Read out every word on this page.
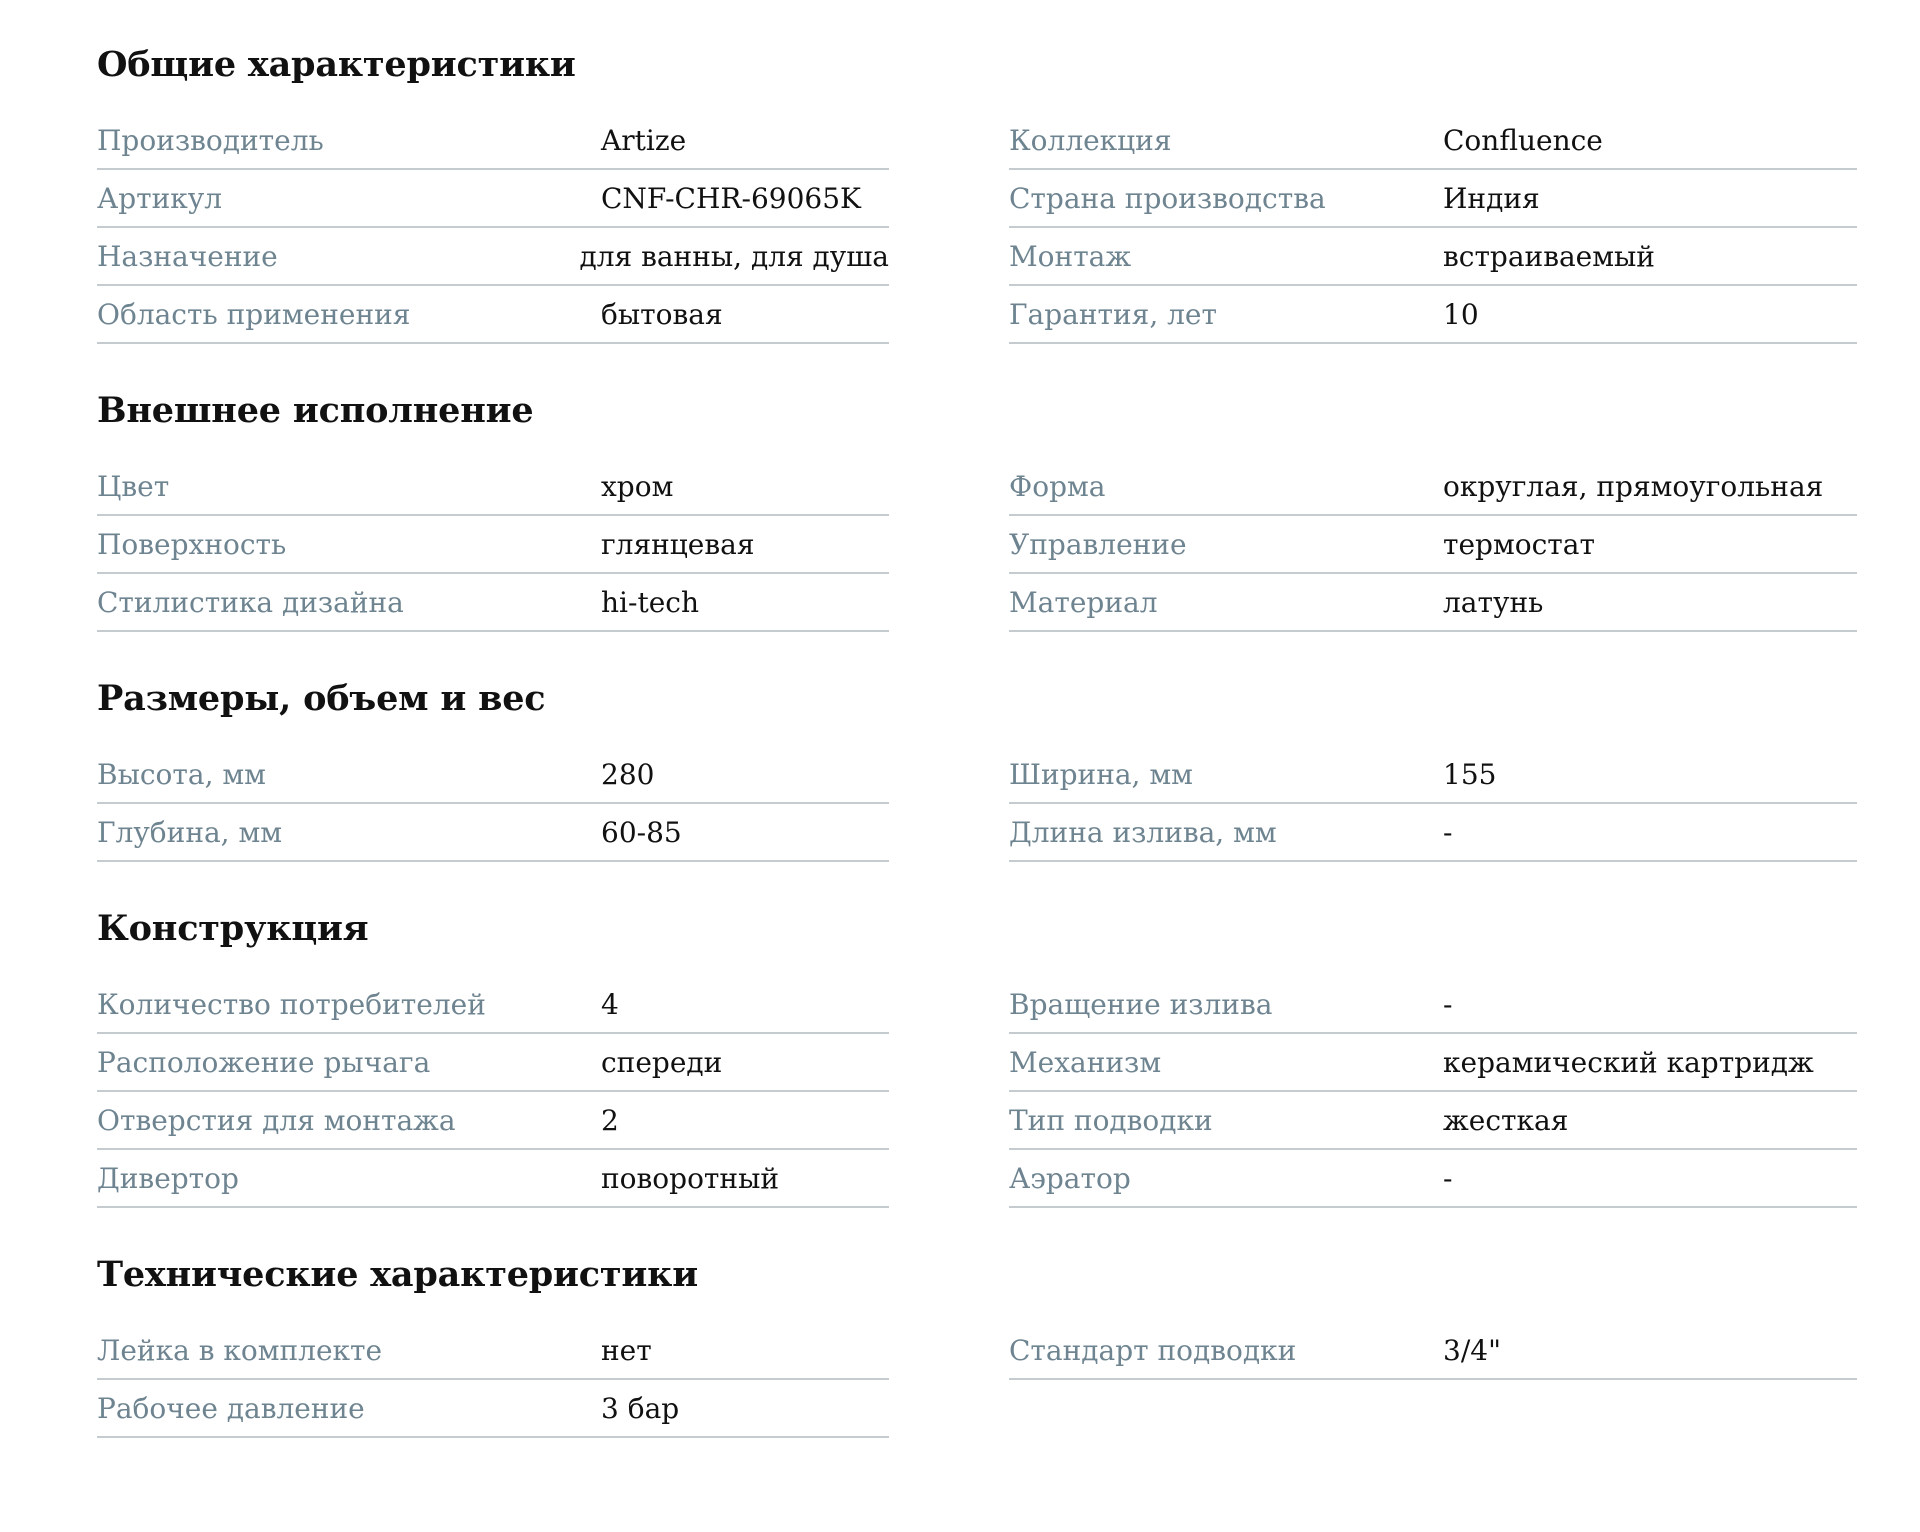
Общие характеристики
Производитель	Artize
Артикул	CNF-CHR-69065K
Назначение	для ванны, для душа
Область применения	бытовая
Коллекция	Confluence
Страна производства	Индия
Монтаж	встраиваемый
Гарантия, лет	10
Внешнее исполнение
Цвет	хром
Поверхность	глянцевая
Стилистика дизайна	hi-tech
Форма	округлая, прямоугольная
Управление	термостат
Материал	латунь
Размеры, объем и вес
Высота, мм	280
Глубина, мм	60-85
Ширина, мм	155
Длина излива, мм	-
Конструкция
Количество потребителей	4
Расположение рычага	спереди
Отверстия для монтажа	2
Дивертор	поворотный
Вращение излива	-
Механизм	керамический картридж
Тип подводки	жесткая
Аэратор	-
Технические характеристики
Лейка в комплекте	нет
Рабочее давление	3 бар
Стандарт подводки	3/4"
